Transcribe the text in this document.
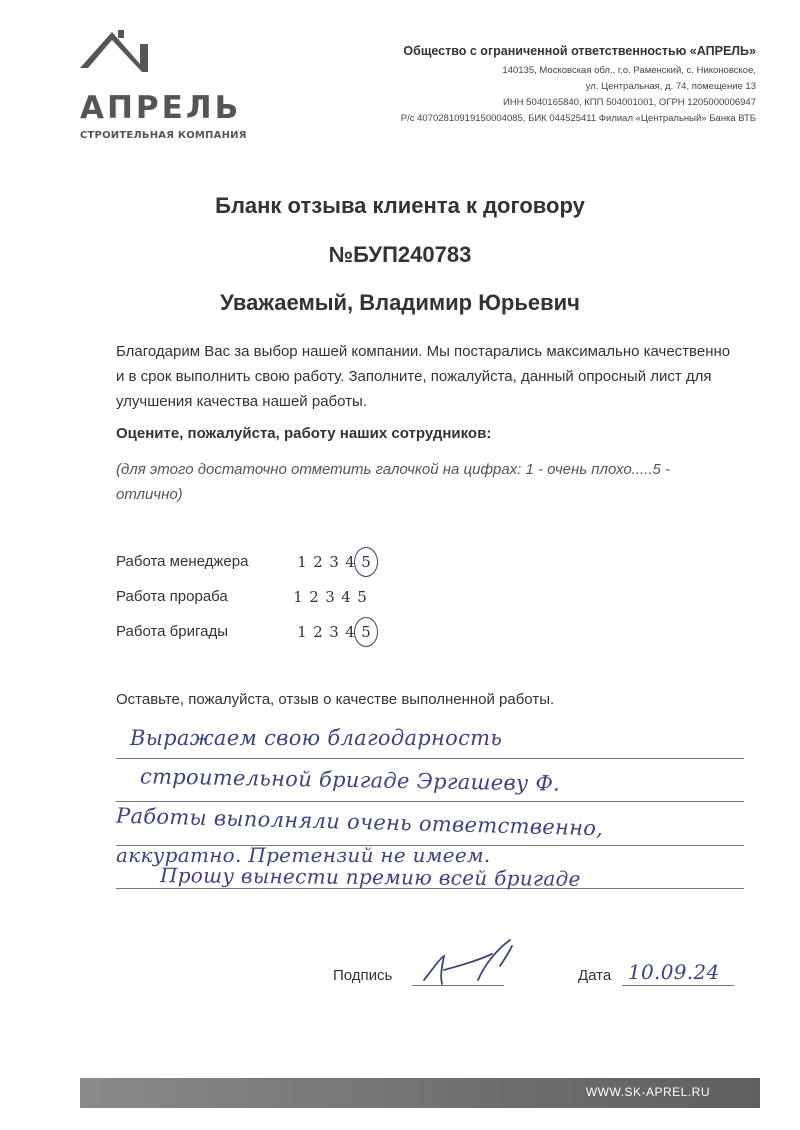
АПРЕЛЬ
СТРОИТЕЛЬНАЯ КОМПАНИЯ
Общество с ограниченной ответственностью «АПРЕЛЬ»
140135, Московская обл., г.о. Раменский, с. Никоновское,
ул. Центральная, д. 74, помещение 13
ИНН 5040165840, КПП 504001001, ОГРН 1205000006947
Р/с 40702810919150004085, БИК 044525411 Филиал «Центральный» Банка ВТБ
Бланк отзыва клиента к договору
№БУП240783
Уважаемый, Владимир Юрьевич
Благодарим Вас за выбор нашей компании. Мы постарались максимально качественно и в срок выполнить свою работу. Заполните, пожалуйста, данный опросный лист для улучшения качества нашей работы.
Оцените, пожалуйста, работу наших сотрудников:
(для этого достаточно отметить галочкой на цифрах: 1 - очень плохо.....5 - отлично)
Работа менеджера	1 2 3 4 5
Работа прораба	1 2 3 4 5
Работа бригады	1 2 3 4 5
Оставьте, пожалуйста, отзыв о качестве выполненной работы.
Выражаем свою благодарность
строительной бригаде Эргашеву Ф.
Работы выполняли очень ответственно,
аккуратно. Претензий не имеем.
Прошу вынести премию всей бригаде
Подпись	Дата 10.09.24
WWW.SK-APREL.RU
